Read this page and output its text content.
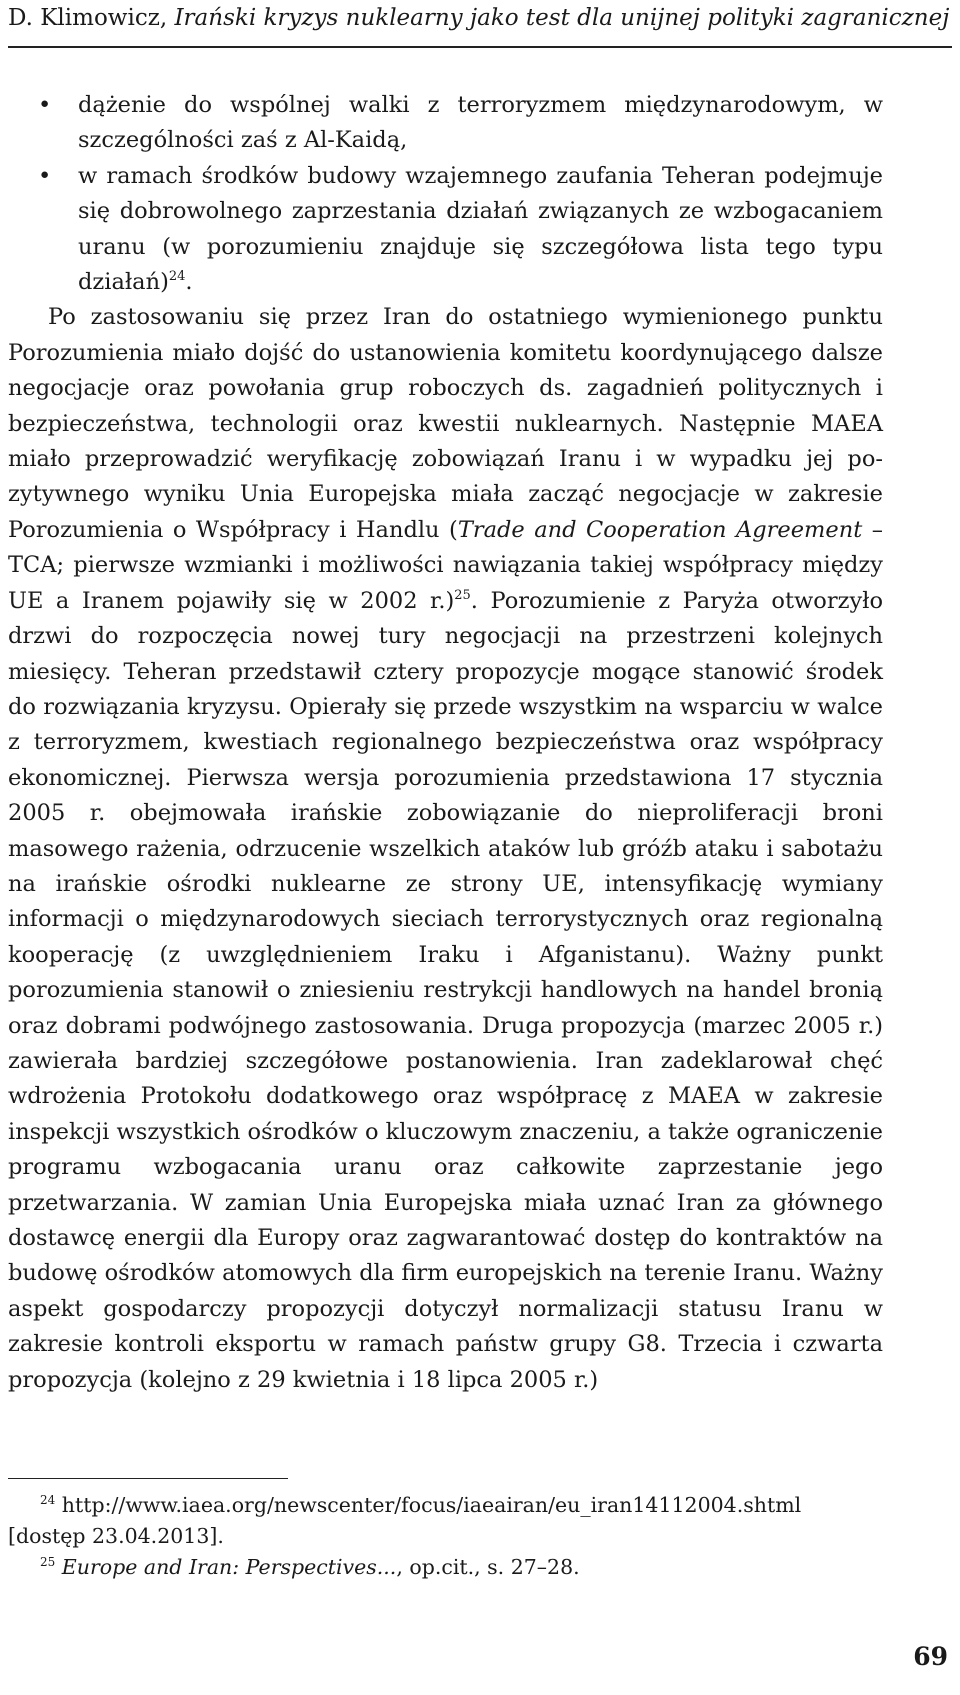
D. Klimowicz, Irański kryzys nuklearny jako test dla unijnej polityki zagranicznej
• dążenie do wspólnej walki z terroryzmem międzynarodowym, w szczególności zaś z Al-Kaidą,
• w ramach środków budowy wzajemnego zaufania Teheran podejmuje się dobrowolnego zaprzestania działań związanych ze wzbogacaniem uranu (w porozumieniu znajduje się szczegółowa lista tego typu działań)$^{24}$.

Po zastosowaniu się przez Iran do ostatniego wymienionego punktu Porozumienia miało dojść do ustanowienia komitetu koordynującego dalsze negocjacje oraz powołania grup roboczych ds. zagadnień politycznych i bezpieczeństwa, technologii oraz kwestii nuklearnych. Następnie MAEA miało przeprowadzić weryfikację zobowiązań Iranu i w wypadku jej pozytywnego wyniku Unia Europejska miała zacząć negocjacje w zakresie Porozumienia o Współpracy i Handlu (Trade and Cooperation Agreement – TCA; pierwsze wzmianki i możliwości nawiązania takiej współpracy między UE a Iranem pojawiły się w 2002 r.)$^{25}$. Porozumienie z Paryża otworzyło drzwi do rozpoczęcia nowej tury negocjacji na przestrzeni kolejnych miesięcy. Teheran przedstawił cztery propozycje mogące stanowić środek do rozwiązania kryzysu. Opierały się przede wszystkim na wsparciu w walce z terroryzmem, kwestiach regionalnego bezpieczeństwa oraz współpracy ekonomicznej. Pierwsza wersja porozumienia przedstawiona 17 stycznia 2005 r. obejmowała irańskie zobowiązanie do nieproliferacji broni masowego rażenia, odrzucenie wszelkich ataków lub gróźb ataku i sabotażu na irańskie ośrodki nuklearne ze strony UE, intensyfikację wymiany informacji o międzynarodowych sieciach terrorystycznych oraz regionalną kooperację (z uwzględnieniem Iraku i Afganistanu). Ważny punkt porozumienia stanowił o zniesieniu restrykcji handlowych na handel bronią oraz dobrami podwójnego zastosowania. Druga propozycja (marzec 2005 r.) zawierała bardziej szczegółowe postanowienia. Iran zadeklarował chęć wdrożenia Protokołu dodatkowego oraz współpracę z MAEA w zakresie inspekcji wszystkich ośrodków o kluczowym znaczeniu, a także ograniczenie programu wzbogacania uranu oraz całkowite zaprzestanie jego przetwarzania. W zamian Unia Europejska miała uznać Iran za głównego dostawcę energii dla Europy oraz zagwarantować dostęp do kontraktów na budowę ośrodków atomowych dla firm europejskich na terenie Iranu. Ważny aspekt gospodarczy propozycji dotyczył normalizacji statusu Iranu w zakresie kontroli eksportu w ramach państw grupy G8. Trzecia i czwarta propozycja (kolejno z 29 kwietnia i 18 lipca 2005 r.)

$^{24}$ http://www.iaea.org/newscenter/focus/iaeairan/eu_iran14112004.shtml [dostęp 23.04.2013].

$^{25}$ Europe and Iran: Perspectives..., op.cit., s. 27–28.

69
